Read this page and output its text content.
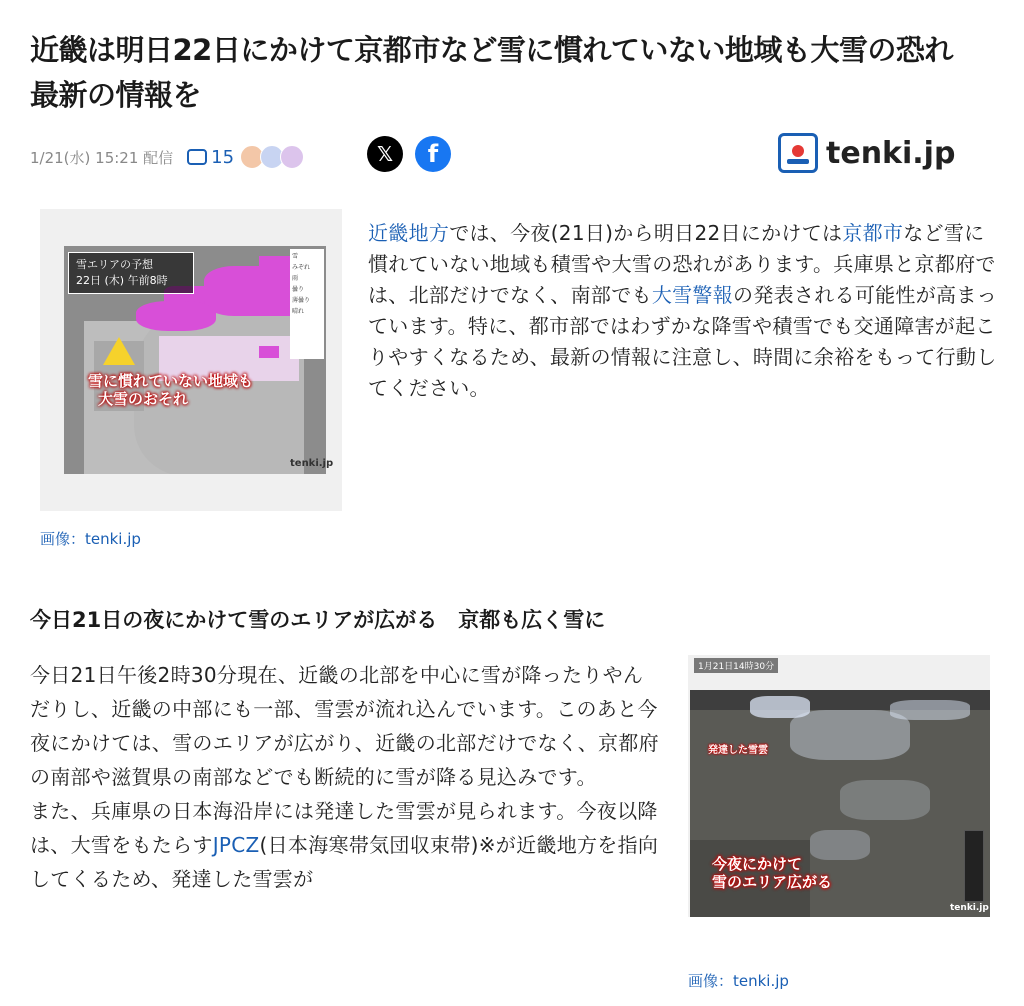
近畿は明日22日にかけて京都市など雪に慣れていない地域も大雪の恐れ　最新の情報を
1/21(水) 15:21 配信 15	𝕏 f	tenki.jp
雪エリアの予想
22日 (木) 午前8時
雪に慣れていない地域も
大雪のおそれ
雪
みぞれ
雨
曇り
薄曇り
晴れ
tenki.jp
画像：tenki.jp

近畿地方では、今夜(21日)から明日22日にかけては京都市など雪に慣れていない地域も積雪や大雪の恐れがあります。兵庫県と京都府では、北部だけでなく、南部でも大雪警報の発表される可能性が高まっています。特に、都市部ではわずかな降雪や積雪でも交通障害が起こりやすくなるため、最新の情報に注意し、時間に余裕をもって行動してください。

今日21日の夜にかけて雪のエリアが広がる　京都も広く雪に

今日21日午後2時30分現在、近畿の北部を中心に雪が降ったりやんだりし、近畿の中部にも一部、雪雲が流れ込んでいます。このあと今夜にかけては、雪のエリアが広がり、近畿の北部だけでなく、京都府の南部や滋賀県の南部などでも断続的に雪が降る見込みです。
また、兵庫県の日本海沿岸には発達した雪雲が見られます。今夜以降は、大雪をもたらすJPCZ(日本海寒帯気団収束帯)※が近畿地方を指向してくるため、発達した雪雲が

1月21日14時30分
発達した雪雲
今夜にかけて
雪のエリア広がる
tenki.jp
画像：tenki.jp
